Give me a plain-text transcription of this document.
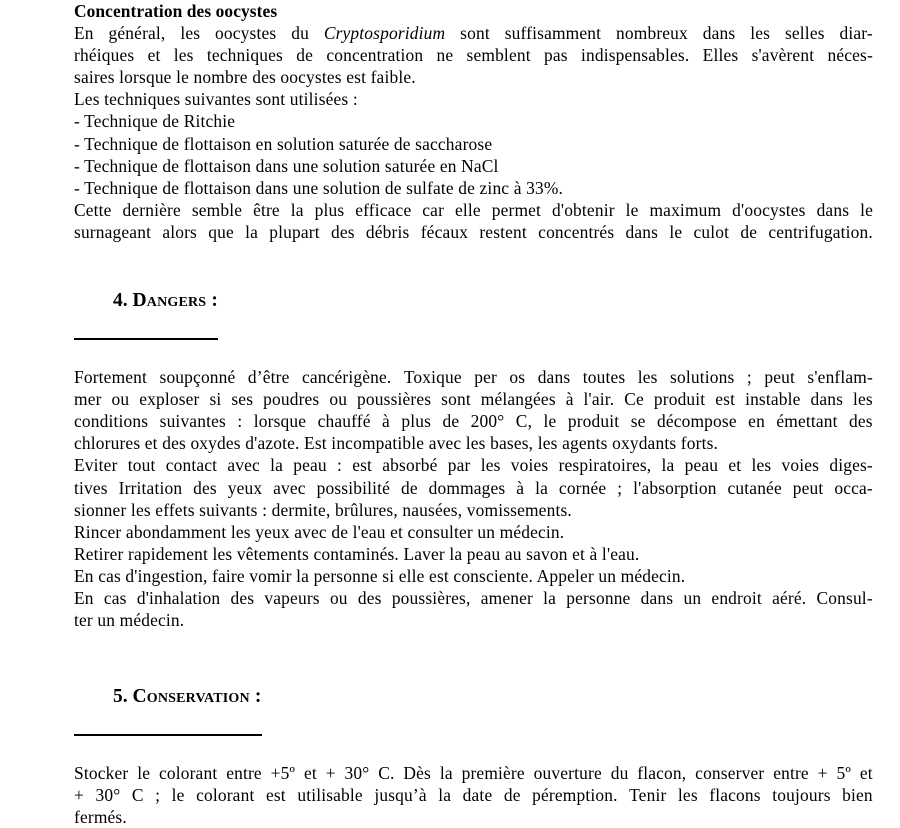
Concentration des oocystes
En général, les oocystes du Cryptosporidium sont suffisamment nombreux dans les selles diar-
rhéiques et les techniques de concentration ne semblent pas indispensables. Elles s'avèrent néces-
saires lorsque le nombre des oocystes est faible.
Les techniques suivantes sont utilisées :
- Technique de Ritchie
- Technique de flottaison en solution saturée de saccharose
- Technique de flottaison dans une solution saturée en NaCl
- Technique de flottaison dans une solution de sulfate de zinc à 33%.
Cette dernière semble être la plus efficace car elle permet d'obtenir le maximum d'oocystes dans le
surnageant alors que la plupart des débris fécaux restent concentrés dans le culot de centrifugation.

4. Dangers :

Fortement soupçonné d’être cancérigène. Toxique per os dans toutes les solutions ; peut s'enflam-
mer ou exploser si ses poudres ou poussières sont mélangées à l'air. Ce produit est instable dans les
conditions suivantes : lorsque chauffé à plus de 200° C, le produit se décompose en émettant des
chlorures et des oxydes d'azote. Est incompatible avec les bases, les agents oxydants forts.
Eviter tout contact avec la peau : est absorbé par les voies respiratoires, la peau et les voies diges-
tives Irritation des yeux avec possibilité de dommages à la cornée ; l'absorption cutanée peut occa-
sionner les effets suivants : dermite, brûlures, nausées, vomissements.
Rincer abondamment les yeux avec de l'eau et consulter un médecin.
Retirer rapidement les vêtements contaminés. Laver la peau au savon et à l'eau.
En cas d'ingestion, faire vomir la personne si elle est consciente. Appeler un médecin.
En cas d'inhalation des vapeurs ou des poussières, amener la personne dans un endroit aéré. Consul-
ter un médecin.

5. Conservation :

Stocker le colorant entre +5º et + 30° C. Dès la première ouverture du flacon, conserver entre + 5º et
+ 30° C ; le colorant est utilisable jusqu’à la date de péremption. Tenir les flacons toujours bien
fermés.
